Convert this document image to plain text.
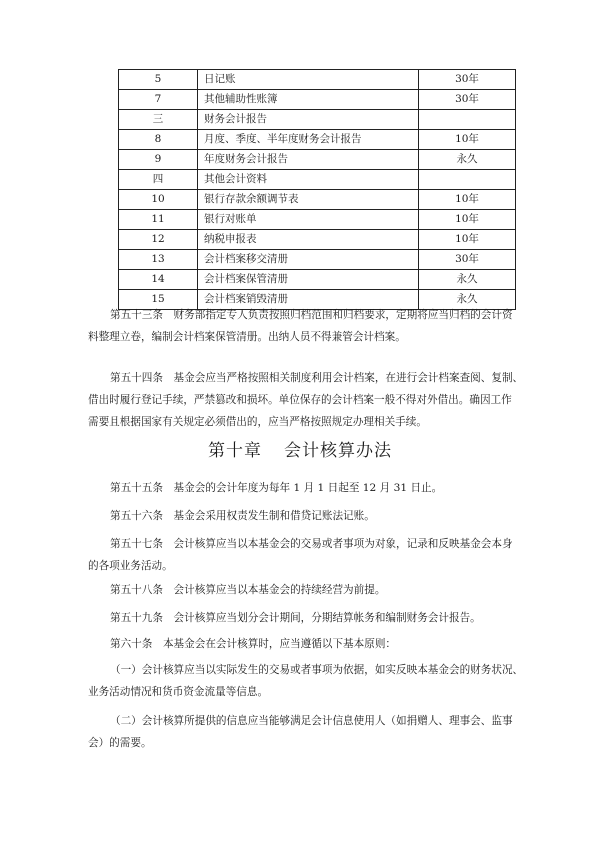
5	日记账	30年
7	其他辅助性账簿	30年
三	财务会计报告	
8	月度、季度、半年度财务会计报告	10年
9	年度财务会计报告	永久
四	其他会计资料	
10	银行存款余额调节表	10年
11	银行对账单	10年
12	纳税申报表	10年
13	会计档案移交清册	30年
14	会计档案保管清册	永久
15	会计档案销毁清册	永久

第五十三条　财务部指定专人负责按照归档范围和归档要求，定期将应当归档的会计资
料整理立卷，编制会计档案保管清册。出纳人员不得兼管会计档案。

第五十四条　基金会应当严格按照相关制度利用会计档案，在进行会计档案查阅、复制、
借出时履行登记手续，严禁篡改和损坏。单位保存的会计档案一般不得对外借出。确因工作
需要且根据国家有关规定必须借出的，应当严格按照规定办理相关手续。

第十章 会计核算办法

第五十五条　基金会的会计年度为每年 1 月 1 日起至 12 月 31 日止。

第五十六条　基金会采用权责发生制和借贷记账法记账。

第五十七条　会计核算应当以本基金会的交易或者事项为对象，记录和反映基金会本身
的各项业务活动。

第五十八条　会计核算应当以本基金会的持续经营为前提。

第五十九条　会计核算应当划分会计期间，分期结算帐务和编制财务会计报告。

第六十条　本基金会在会计核算时，应当遵循以下基本原则：

（一）会计核算应当以实际发生的交易或者事项为依据，如实反映本基金会的财务状况、
业务活动情况和货币资金流量等信息。

（二）会计核算所提供的信息应当能够满足会计信息使用人（如捐赠人、理事会、监事
会）的需要。
